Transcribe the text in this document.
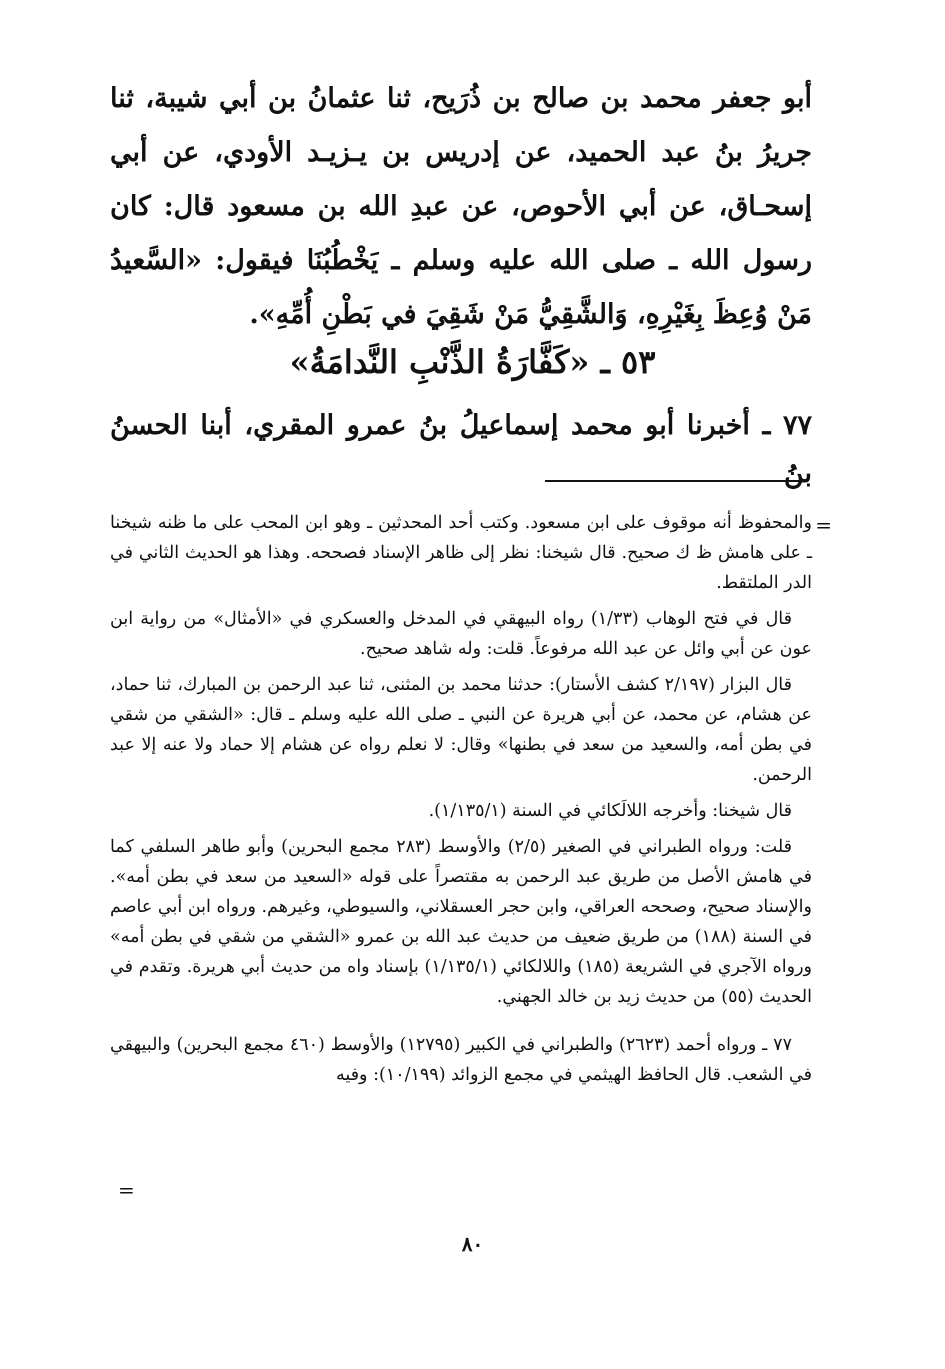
أبو جعفر محمد بن صالح بن ذُرَيح، ثنا عثمانُ بن أبي شيبة، ثنا جريرُ بنُ عبد الحميد، عن إدريس بن يـزيـد الأودي، عن أبي إسحـاق، عن أبي الأحوص، عن عبدِ الله بن مسعود قال: كان رسول الله ـ صلى الله عليه وسلم ـ يَخْطُبُنَا فيقول: «السَّعيدُ مَنْ وُعِظَ بِغَيْرِهِ، وَالشَّقِيُّ مَنْ شَقِيَ في بَطْنِ أُمِّهِ».

٥٣ ـ «كَفَّارَةُ الذَّنْبِ النَّدامَةُ»

٧٧ ـ أخبرنا أبو محمد إسماعيلُ بنُ عمرو المقري، أبنا الحسنُ بنُ

=

والمحفوظ أنه موقوف على ابن مسعود. وكتب أحد المحدثين ـ وهو ابن المحب على ما ظنه شيخنا ـ على هامش ظ ك صحيح. قال شيخنا: نظر إلى ظاهر الإسناد فصححه. وهذا هو الحديث الثاني في الدر الملتقط.

قال في فتح الوهاب (١/٣٣) رواه البيهقي في المدخل والعسكري في «الأمثال» من رواية ابن عون عن أبي وائل عن عبد الله مرفوعاً. قلت: وله شاهد صحيح.

قال البزار (٢/١٩٧ كشف الأستار): حدثنا محمد بن المثنى، ثنا عبد الرحمن بن المبارك، ثنا حماد، عن هشام، عن محمد، عن أبي هريرة عن النبي ـ صلى الله عليه وسلم ـ قال: «الشقي من شقي في بطن أمه، والسعيد من سعد في بطنها» وقال: لا نعلم رواه عن هشام إلا حماد ولا عنه إلا عبد الرحمن.

قال شيخنا: وأخرجه اللالَكائي في السنة (١/١٣٥/١).

قلت: ورواه الطبراني في الصغير (٢/٥) والأوسط (٢٨٣ مجمع البحرين) وأبو طاهر السلفي كما في هامش الأصل من طريق عبد الرحمن به مقتصراً على قوله «السعيد من سعد في بطن أمه». والإسناد صحيح، وصححه العراقي، وابن حجر العسقلاني، والسيوطي، وغيرهم. ورواه ابن أبي عاصم في السنة (١٨٨) من طريق ضعيف من حديث عبد الله بن عمرو «الشقي من شقي في بطن أمه» ورواه الآجري في الشريعة (١٨٥) واللالكائي (١/١٣٥/١) بإسناد واه من حديث أبي هريرة. وتقدم في الحديث (٥٥) من حديث زيد بن خالد الجهني.

٧٧ ـ ورواه أحمد (٢٦٢٣) والطبراني في الكبير (١٢٧٩٥) والأوسط (٤٦٠ مجمع البحرين) والبيهقي في الشعب. قال الحافظ الهيثمي في مجمع الزوائد (١٠/١٩٩): وفيه

=
٨٠
